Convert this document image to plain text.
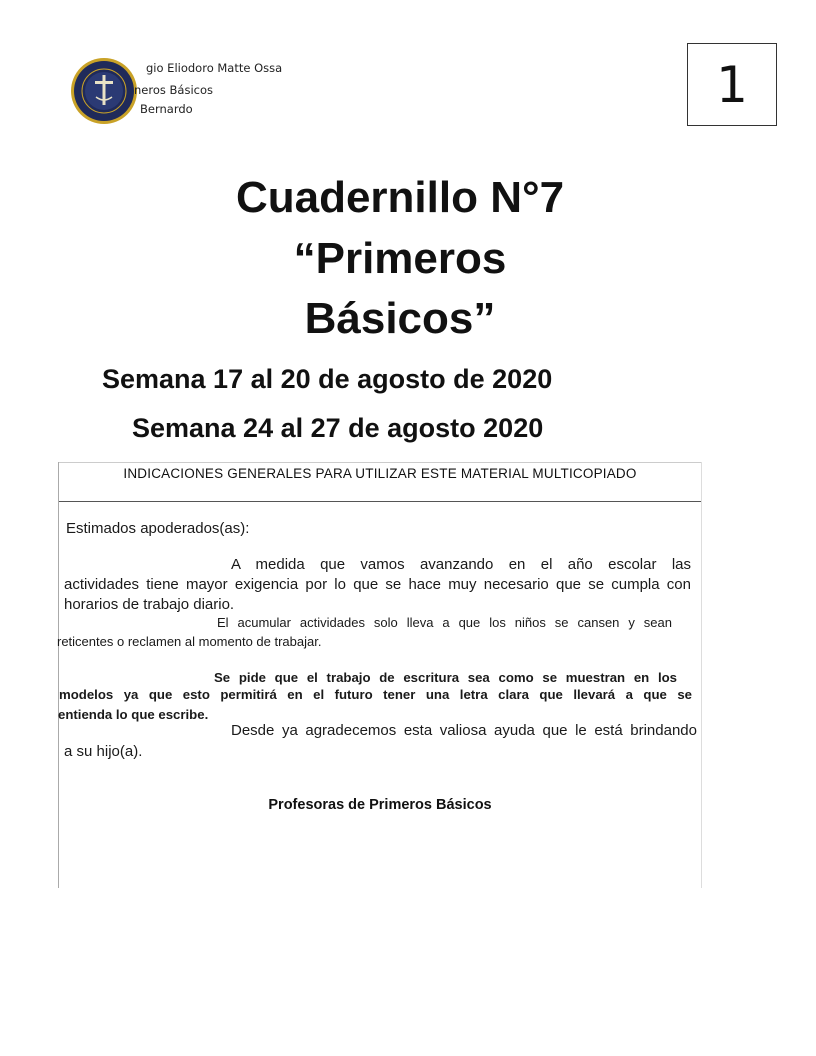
gio Eliodoro Matte Ossa
neros Básicos
Bernardo	1
Cuadernillo N°7
“Primeros
Básicos”
Semana 17 al 20 de agosto de 2020
Semana 24 al 27 de agosto 2020
INDICACIONES GENERALES PARA UTILIZAR ESTE MATERIAL MULTICOPIADO
Estimados apoderados(as):
A medida que vamos avanzando en el año escolar las
actividades tiene mayor exigencia por lo que se hace muy necesario que se cumpla con
horarios de trabajo diario.
El acumular actividades solo lleva a que los niños se cansen y sean
reticentes o reclamen al momento de trabajar.
Se pide que el trabajo de escritura sea como se muestran en los
modelos ya que esto permitirá en el futuro tener una letra clara que llevará a que se
entienda lo que escribe.
Desde ya agradecemos esta valiosa ayuda que le está brindando
a su hijo(a).
Profesoras de Primeros Básicos
